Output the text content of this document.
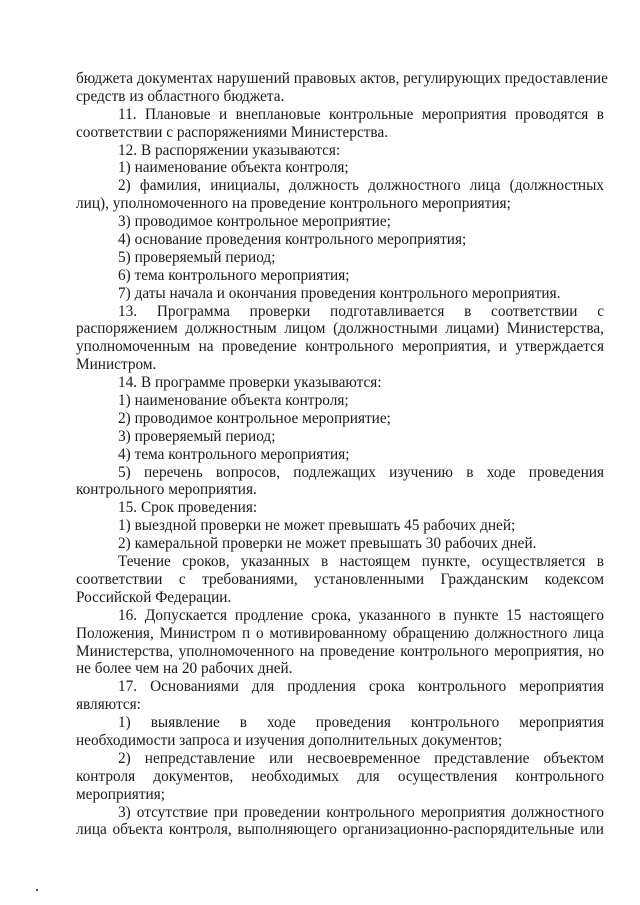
бюджета документах нарушений правовых актов, регулирующих предоставление
средств из областного бюджета.
11. Плановые и внеплановые контрольные мероприятия проводятся в
соответствии с распоряжениями Министерства.
12. В распоряжении указываются:
1) наименование объекта контроля;
2) фамилия, инициалы, должность должностного лица (должностных
лиц), уполномоченного на проведение контрольного мероприятия;
3) проводимое контрольное мероприятие;
4) основание проведения контрольного мероприятия;
5) проверяемый период;
6) тема контрольного мероприятия;
7) даты начала и окончания проведения контрольного мероприятия.
13. Программа проверки подготавливается в соответствии с
распоряжением должностным лицом (должностными лицами) Министерства,
уполномоченным на проведение контрольного мероприятия, и утверждается
Министром.
14. В программе проверки указываются:
1) наименование объекта контроля;
2) проводимое контрольное мероприятие;
3) проверяемый период;
4) тема контрольного мероприятия;
5) перечень вопросов, подлежащих изучению в ходе проведения
контрольного мероприятия.
15. Срок проведения:
1) выездной проверки не может превышать 45 рабочих дней;
2) камеральной проверки не может превышать 30 рабочих дней.
Течение сроков, указанных в настоящем пункте, осуществляется в
соответствии с требованиями, установленными Гражданским кодексом
Российской Федерации.
16. Допускается продление срока, указанного в пункте 15 настоящего
Положения, Министром п о мотивированному обращению должностного лица
Министерства, уполномоченного на проведение контрольного мероприятия, но
не более чем на 20 рабочих дней.
17. Основаниями для продления срока контрольного мероприятия
являются:
1) выявление в ходе проведения контрольного мероприятия
необходимости запроса и изучения дополнительных документов;
2) непредставление или несвоевременное представление объектом
контроля документов, необходимых для осуществления контрольного
мероприятия;
3) отсутствие при проведении контрольного мероприятия должностного
лица объекта контроля, выполняющего организационно-распорядительные или
